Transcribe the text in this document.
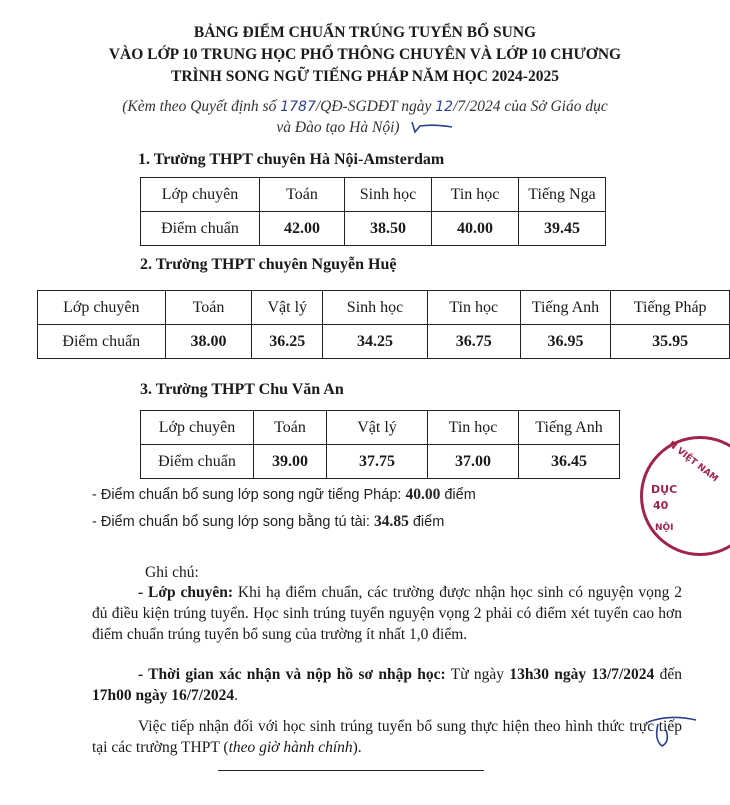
BẢNG ĐIỂM CHUẨN TRÚNG TUYỂN BỔ SUNG
VÀO LỚP 10 TRUNG HỌC PHỔ THÔNG CHUYÊN VÀ LỚP 10 CHƯƠNG
TRÌNH SONG NGỮ TIẾNG PHÁP NĂM HỌC 2024-2025
(Kèm theo Quyết định số 1787/QĐ-SGDĐT ngày 12/7/2024 của Sở Giáo dục
và Đào tạo Hà Nội)
1. Trường THPT chuyên Hà Nội-Amsterdam
Lớp chuyên	Toán	Sinh học	Tin học	Tiếng Nga
Điểm chuẩn	42.00	38.50	40.00	39.45
2. Trường THPT chuyên Nguyễn Huệ
Lớp chuyên	Toán	Vật lý	Sinh học	Tin học	Tiếng Anh	Tiếng Pháp
Điểm chuẩn	38.00	36.25	34.25	36.75	36.95	35.95
3. Trường THPT Chu Văn An
Lớp chuyên	Toán	Vật lý	Tin học	Tiếng Anh
Điểm chuẩn	39.00	37.75	37.00	36.45
- Điểm chuẩn bổ sung lớp song ngữ tiếng Pháp: 40.00 điểm
- Điểm chuẩn bổ sung lớp song bằng tú tài: 34.85 điểm
N VIỆT NAM
DỤC
40
NỘI
Ghi chú:
- Lớp chuyên: Khi hạ điểm chuẩn, các trường được nhận học sinh có nguyện vọng 2 đủ điều kiện trúng tuyển. Học sinh trúng tuyển nguyện vọng 2 phải có điểm xét tuyển cao hơn điểm chuẩn trúng tuyển bổ sung của trường ít nhất 1,0 điểm.
- Thời gian xác nhận và nộp hồ sơ nhập học: Từ ngày 13h30 ngày 13/7/2024 đến 17h00 ngày 16/7/2024.
Việc tiếp nhận đối với học sinh trúng tuyển bổ sung thực hiện theo hình thức trực tiếp tại các trường THPT (theo giờ hành chính).
